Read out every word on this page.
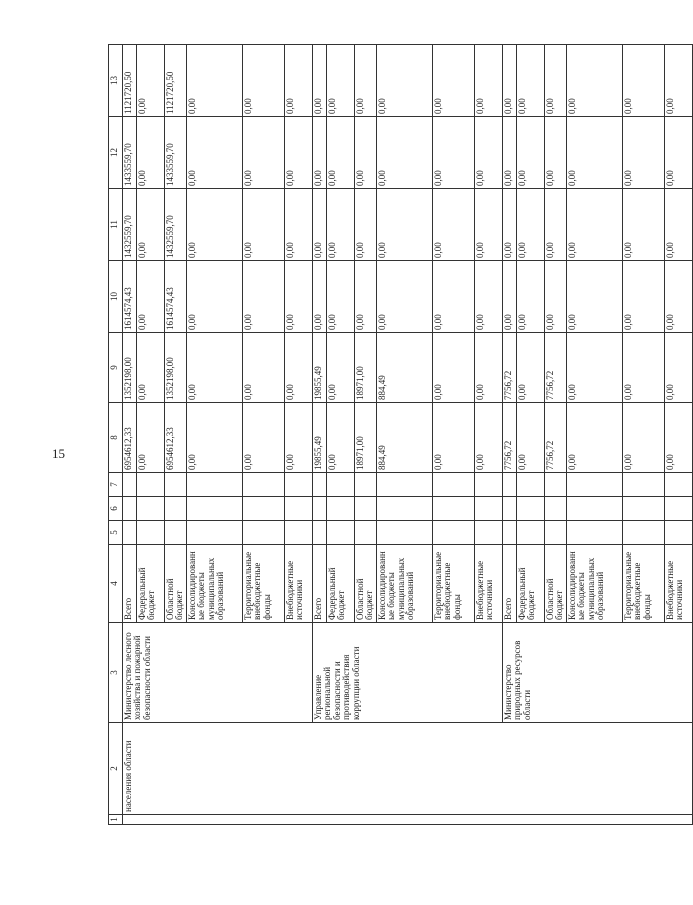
15
1	2	3	4	5	6	7	8	9	10	11	12	13
	населения области	Министерство лесного хозяйства и пожарной безопасности области	Всего				6954612,33	1352198,00	1614574,43	1432559,70	1433559,70	1121720,50
			Федеральный бюджет				0,00	0,00	0,00	0,00	0,00	0,00
			Областной бюджет				6954612,33	1352198,00	1614574,43	1432559,70	1433559,70	1121720,50
			Консолидированные бюджеты муниципальных образований				0,00	0,00	0,00	0,00	0,00	0,00
			Территориальные внебюджетные фонды				0,00	0,00	0,00	0,00	0,00	0,00
			Внебюджетные источники				0,00	0,00	0,00	0,00	0,00	0,00
		Управление региональной безопасности и противодействия коррупции области	Всего				19855,49	19855,49	0,00	0,00	0,00	0,00
			Федеральный бюджет				0,00	0,00	0,00	0,00	0,00	0,00
			Областной бюджет				18971,00	18971,00	0,00	0,00	0,00	0,00
			Консолидированные бюджеты муниципальных образований				884,49	884,49	0,00	0,00	0,00	0,00
			Территориальные внебюджетные фонды				0,00	0,00	0,00	0,00	0,00	0,00
			Внебюджетные источники				0,00	0,00	0,00	0,00	0,00	0,00
		Министерство природных ресурсов области	Всего				7756,72	7756,72	0,00	0,00	0,00	0,00
			Федеральный бюджет				0,00	0,00	0,00	0,00	0,00	0,00
			Областной бюджет				7756,72	7756,72	0,00	0,00	0,00	0,00
			Консолидированные бюджеты муниципальных образований				0,00	0,00	0,00	0,00	0,00	0,00
			Территориальные внебюджетные фонды				0,00	0,00	0,00	0,00	0,00	0,00
			Внебюджетные источники				0,00	0,00	0,00	0,00	0,00	0,00
